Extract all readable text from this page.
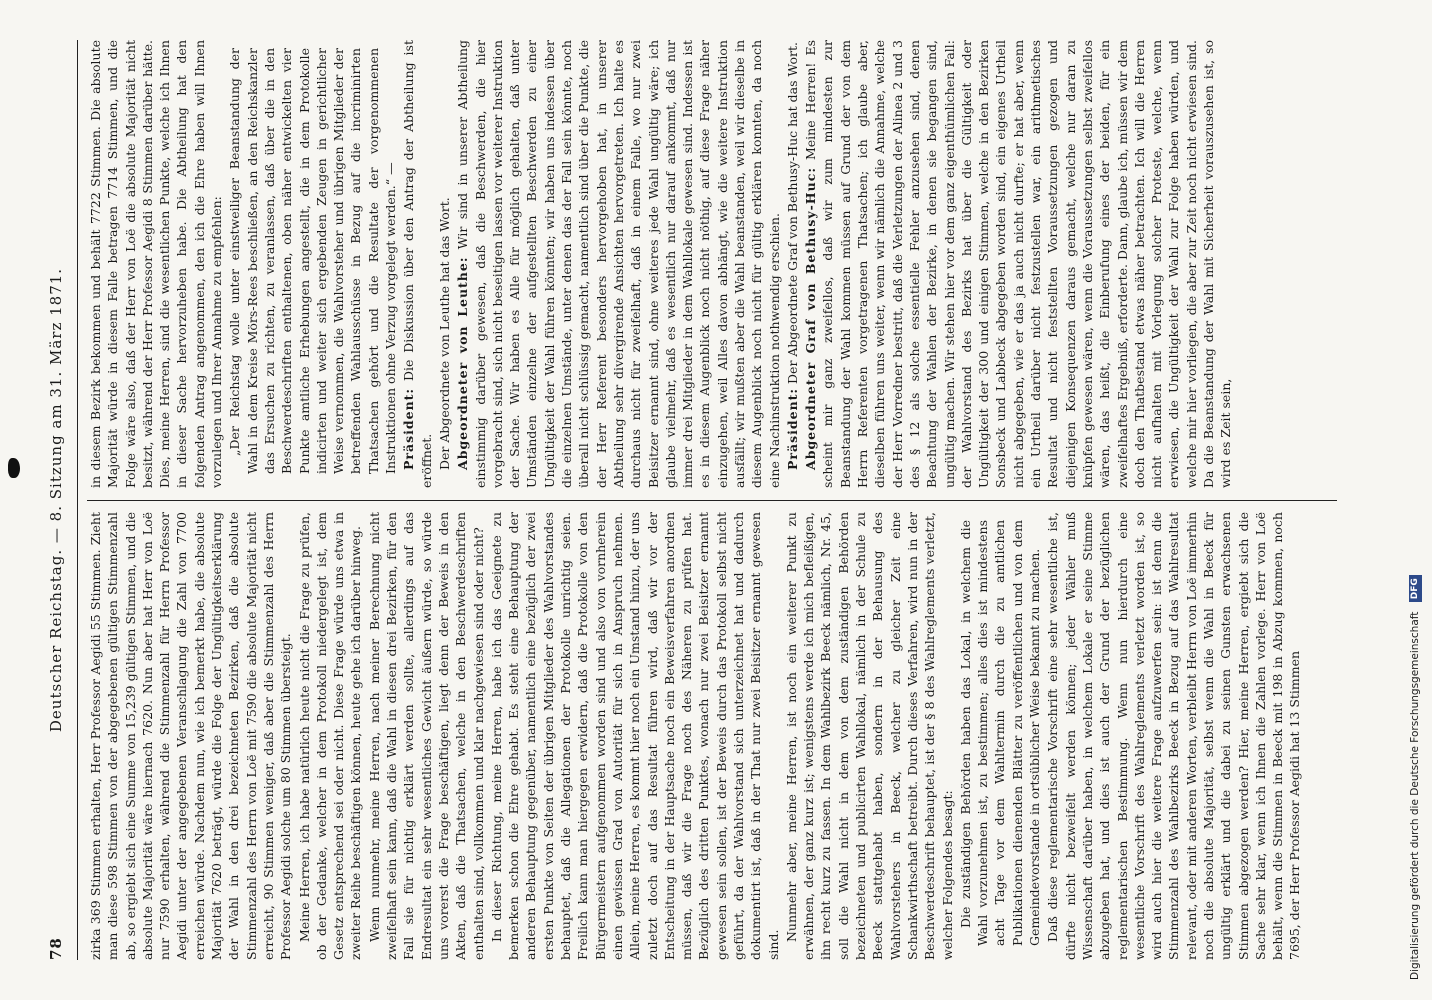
78
Deutscher Reichstag. — 8. Sitzung am 31. März 1871.

zirka 369 Stimmen erhalten, Herr Professor Aegidi 55 Stimmen. Zieht man diese 598 Stimmen von der abgegebenen gültigen Stimmenzahl ab, so ergiebt sich eine Summe von 15,239 gültigen Stimmen, und die absolute Majorität wäre hiernach 7620. Nun aber hat Herr von Loë nur 7590 erhalten, während die Stimmenzahl für Herrn Professor Aegidi unter der angegebenen Veranschlagung die Zahl von 7700 erreichen würde. Nachdem nun, wie ich bemerkt habe, die absolute Majorität 7620 beträgt, würde die Folge der Ungültigkeitserklärung der Wahl in den drei bezeichneten Bezirken, daß die absolute Stimmenzahl des Herrn von Loë mit 7590 die absolute Majorität nicht erreicht, 90 Stimmen weniger, daß aber die Stimmenzahl des Herrn Professor Aegidi solche um 80 Stimmen übersteigt. Meine Herren, ich habe natürlich heute nicht die Frage zu prüfen, ob der Gedanke, welcher in dem Protokoll niedergelegt ist, dem Gesetz entsprechend sei oder nicht. Diese Frage würde uns etwa in zweiter Reihe beschäftigen können, heute gehe ich darüber hinweg. Wenn nunmehr, meine Herren, nach meiner Berechnung nicht zweifelhaft sein kann, daß die Wahl in diesen drei Bezirken, für den Fall sie für nichtig erklärt werden sollte, allerdings auf das Endresultat ein sehr wesentliches Gewicht äußern würde, so würde uns vorerst die Frage beschäftigen, liegt denn der Beweis in den Akten, daß die Thatsachen, welche in den Beschwerdeschriften enthalten sind, vollkommen und klar nachgewiesen sind oder nicht? In dieser Richtung, meine Herren, habe ich das Geeignete zu bemerken schon die Ehre gehabt. Es steht eine Behauptung der anderen Behauptung gegenüber, namentlich eine bezüglich der zwei ersten Punkte von Seiten der übrigen Mitglieder des Wahlvorstandes behauptet, daß die Allegationen der Protokolle unrichtig seien. Freilich kann man hiergegen erwidern, daß die Protokolle von den Bürgermeistern aufgenommen worden sind und also von vornherein einen gewissen Grad von Autorität für sich in Anspruch nehmen. Allein, meine Herren, es kommt hier noch ein Umstand hinzu, der uns zuletzt doch auf das Resultat führen wird, daß wir vor der Entscheitung in der Hauptsache noch ein Beweisverfahren anordnen müssen, daß wir die Frage noch des Näheren zu prüfen hat. Bezüglich des dritten Punktes, wonach nur zwei Beisitzer ernannt gewesen sein sollen, ist der Beweis durch das Protokoll selbst nicht geführt, da der Wahlvorstand sich unterzeichnet hat und dadurch dokumentirt ist, daß in der That nur zwei Beisitzer ernannt gewesen sind.

Nunmehr aber, meine Herren, ist noch ein weiterer Punkt zu erwähnen, der ganz kurz ist; wenigstens werde ich mich befleißigen, ihn recht kurz zu fassen. In dem Wahlbezirk Beeck nämlich, Nr. 45, soll die Wahl nicht in dem von dem zuständigen Behörden bezeichneten und publicirten Wahllokal, nämlich in der Schule zu Beeck stattgehabt haben, sondern in der Behausung des Wahlvorstehers in Beeck, welcher zu gleicher Zeit eine Schankwirthschaft betreibt. Durch dieses Verfahren, wird nun in der Beschwerdeschrift behauptet, ist der § 8 des Wahlreglements verletzt, welcher Folgendes besagt: Die zuständigen Behörden haben das Lokal, in welchem die Wahl vorzunehmen ist, zu bestimmen; alles dies ist mindestens acht Tage vor dem Wahltermin durch die zu amtlichen Publikationen dienenden Blätter zu veröffentlichen und von dem Gemeindevorstande in ortsüblicher Weise bekannt zu machen. Daß diese reglementarische Vorschrift eine sehr wesentliche ist, dürfte nicht bezweifelt werden können; jeder Wähler muß Wissenschaft darüber haben, in welchem Lokale er seine Stimme abzugeben hat, und dies ist auch der Grund der bezüglichen reglementarischen Bestimmung. Wenn nun hierdurch eine wesentliche Vorschrift des Wahlreglements verletzt worden ist, so wird auch hier die weitere Frage aufzuwerfen sein: ist denn die Stimmenzahl des Wahlbezirks Beeck in Bezug auf das Wahlresultat relevant, oder mit anderen Worten, verbleibt Herrn von Loë immerhin noch die absolute Majorität, selbst wenn die Wahl in Beeck für ungültig erklärt und die dabei zu seinen Gunsten erwachsenen Stimmen abgezogen werden? Hier, meine Herren, ergiebt sich die Sache sehr klar, wenn ich Ihnen die Zahlen vorlege. Herr von Loë behält, wenn die Stimmen in Beeck mit 198 in Abzug kommen, noch 7695, der Herr Professor Aegidi hat 13 Stimmen

in diesem Bezirk bekommen und behält 7722 Stimmen. Die absolute Majorität würde in diesem Falle betragen 7714 Stimmen, und die Folge wäre also, daß der Herr von Loë die absolute Majorität nicht besitzt, während der Herr Professor Aegidi 8 Stimmen darüber hätte. Dies, meine Herren, sind die wesentlichen Punkte, welche ich Ihnen in dieser Sache hervorzuheben habe. Die Abtheilung hat den folgenden Antrag angenommen, den ich die Ehre haben will Ihnen vorzulegen und Ihrer Annahme zu empfehlen: „Der Reichstag wolle unter einstweiliger Beanstandung der Wahl in dem Kreise Mörs-Rees beschließen, an den Reichskanzler das Ersuchen zu richten, zu veranlassen, daß über die in den Beschwerdeschriften enthaltenen, oben näher entwickelten vier Punkte amtliche Erhebungen angestellt, die in dem Protokolle indicirten und weiter sich ergebenden Zeugen in gerichtlicher Weise vernommen, die Wahlvorsteher und übrigen Mitglieder der betreffenden Wahlausschüsse in Bezug auf die incriminirten Thatsachen gehört und die Resultate der vorgenommenen Instruktionen ohne Verzug vorgelegt werden.“ — Präsident: Die Diskussion über den Antrag der Abtheilung ist eröffnet. Der Abgeordnete von Leuthe hat das Wort. Abgeordneter von Leuthe: Wir sind in unserer Abtheilung einstimmig darüber gewesen, daß die Beschwerden, die hier vorgebracht sind, sich nicht beseitigen lassen vor weiterer Instruktion der Sache. Wir haben es Alle für möglich gehalten, daß unter Umständen einzelne der aufgestellten Beschwerden zu einer Ungültigkeit der Wahl führen könnten; wir haben uns indessen über die einzelnen Umstände, unter denen das der Fall sein könnte, noch überall nicht schlüssig gemacht, namentlich sind über die Punkte, die der Herr Referent besonders hervorgehoben hat, in unserer Abtheilung sehr divergirende Ansichten hervorgetreten. Ich halte es durchaus nicht für zweifelhaft, daß in einem Falle, wo nur zwei Beisitzer ernannt sind, ohne weiteres jede Wahl ungültig wäre; ich glaube vielmehr, daß es wesentlich nur darauf ankommt, daß nur immer drei Mitglieder in dem Wahllokale gewesen sind. Indessen ist es in diesem Augenblick noch nicht nöthig, auf diese Frage näher einzugehen, weil Alles davon abhängt, wie die weitere Instruktion ausfällt; wir mußten aber die Wahl beanstanden, weil wir dieselbe in diesem Augenblick noch nicht für gültig erklären konnten, da noch eine Nachinstruktion nothwendig erschien. Präsident: Der Abgeordnete Graf von Bethusy-Huc hat das Wort. Abgeordneter Graf von Bethusy-Huc: Meine Herren! Es scheint mir ganz zweifellos, daß wir zum mindesten zur Beanstandung der Wahl kommen müssen auf Grund der von dem Herrn Referenten vorgetragenen Thatsachen; ich glaube aber, dieselben führen uns weiter, wenn wir nämlich die Annahme, welche der Herr Vorredner bestritt, daß die Verletzungen der Alinea 2 und 3 des § 12 als solche essentielle Fehler anzusehen sind, denen Beachtung der Wahlen der Bezirke, in denen sie begangen sind, ungültig machen. Wir stehen hier vor dem ganz eigenthümlichen Fall: der Wahlvorstand des Bezirks hat über die Gültigkeit oder Ungültigkeit der 300 und einigen Stimmen, welche in den Bezirken Sonsbeck und Labbeck abgegeben worden sind, ein eigenes Urtheil nicht abgegeben, wie er das ja auch nicht durfte; er hat aber, wenn ein Urtheil darüber nicht festzustellen war, ein arithmetisches Resultat und nicht feststellten Voraussetzungen gezogen und diejenigen Konsequenzen daraus gemacht, welche nur daran zu knüpfen gewesen wären, wenn die Voraussetzungen selbst zweifellos wären, das heißt, die Einberufung eines der beiden, für ein zweifelhaftes Ergebniß, erforderte. Dann, glaube ich, müssen wir dem doch den Thatbestand etwas näher betrachten. Ich will die Herren nicht aufhalten mit Vorlegung solcher Proteste, welche, wenn erwiesen, die Ungültigkeit der Wahl zur Folge haben würden, und welche mir hier vorliegen, die aber zur Zeit noch nicht erwiesen sind. Da die Beanstandung der Wahl mit Sicherheit vorauszusehen ist, so wird es Zeit sein,

Digitalisierung gefördert durch die Deutsche Forschungsgemeinschaft DFG
